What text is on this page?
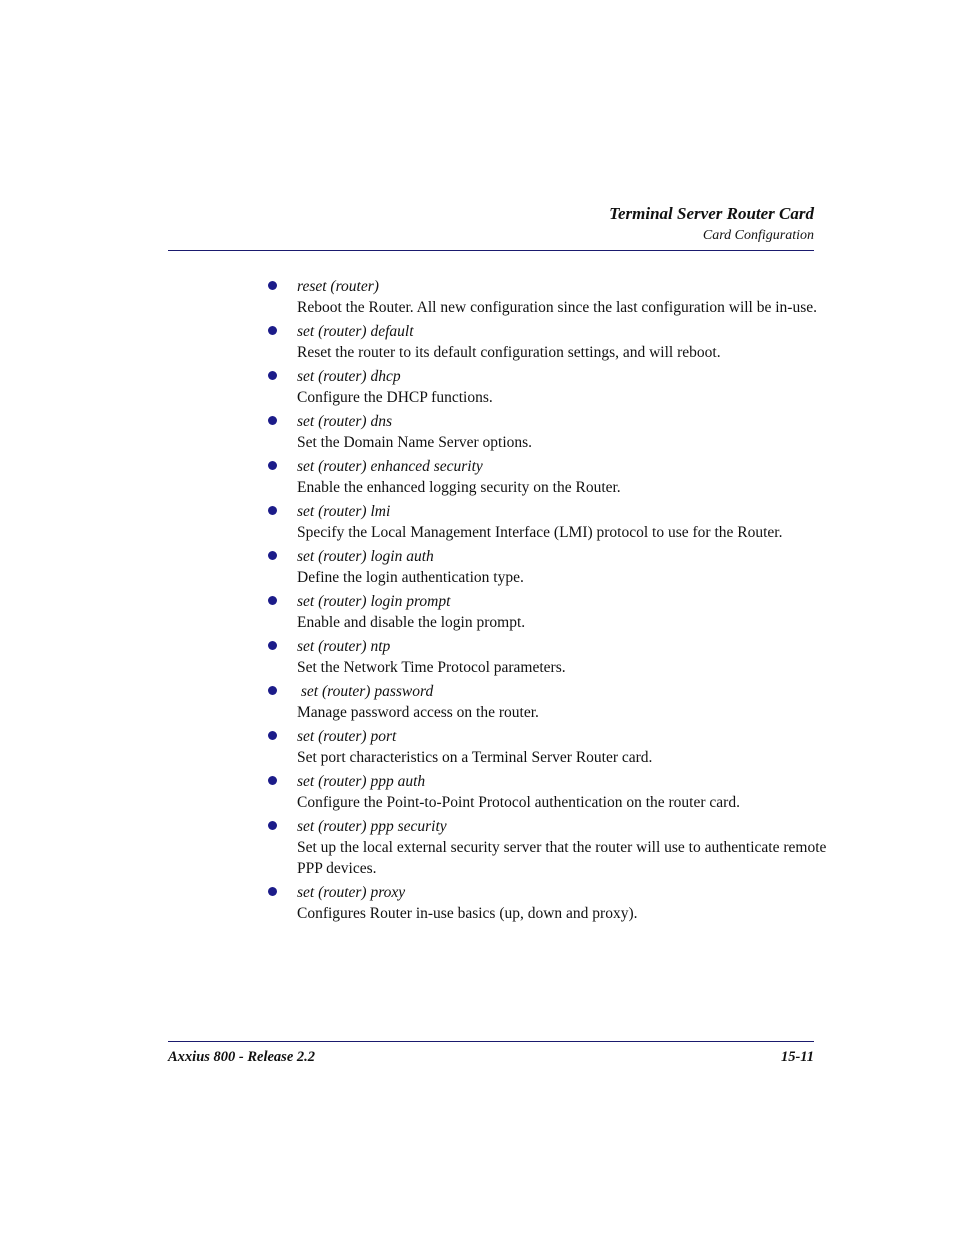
Terminal Server Router Card
Card Configuration
reset (router)
Reboot the Router. All new configuration since the last configuration will be in-use.
set (router) default
Reset the router to its default configuration settings, and will reboot.
set (router) dhcp
Configure the DHCP functions.
set (router) dns
Set the Domain Name Server options.
set (router) enhanced security
Enable the enhanced logging security on the Router.
set (router) lmi
Specify the Local Management Interface (LMI) protocol to use for the Router.
set (router) login auth
Define the login authentication type.
set (router) login prompt
Enable and disable the login prompt.
set (router) ntp
Set the Network Time Protocol parameters.
set (router) password
Manage password access on the router.
set (router) port
Set port characteristics on a Terminal Server Router card.
set (router) ppp auth
Configure the Point-to-Point Protocol authentication on the router card.
set (router) ppp security
Set up the local external security server that the router will use to authenticate remote PPP devices.
set (router) proxy
Configures Router in-use basics (up, down and proxy).
Axxius 800 - Release 2.2	15-11
